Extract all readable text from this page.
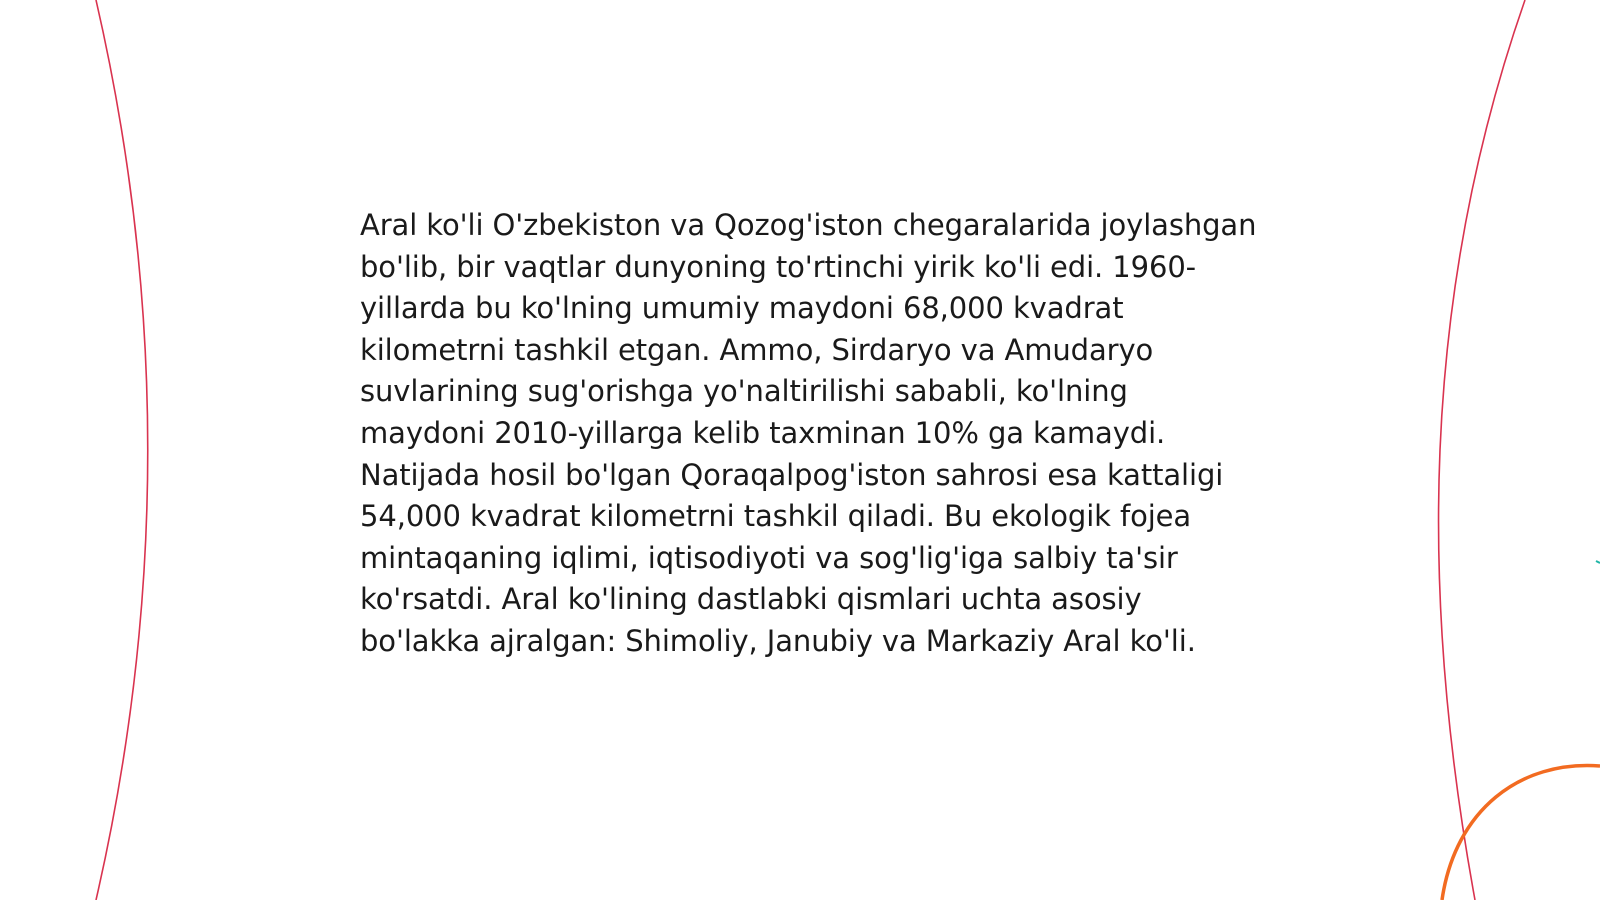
Aral ko'li O'zbekiston va Qozog'iston chegaralarida joylashgan bo'lib, bir vaqtlar dunyoning to'rtinchi yirik ko'li edi. 1960-yillarda bu ko'lning umumiy maydoni 68,000 kvadrat kilometrni tashkil etgan. Ammo, Sirdaryo va Amudaryo suvlarining sug'orishga yo'naltirilishi sababli, ko'lning maydoni 2010-yillarga kelib taxminan 10% ga kamaydi. Natijada hosil bo'lgan Qoraqalpog'iston sahrosi esa kattaligi 54,000 kvadrat kilometrni tashkil qiladi. Bu ekologik fojea mintaqaning iqlimi, iqtisodiyoti va sog'lig'iga salbiy ta'sir ko'rsatdi. Aral ko'lining dastlabki qismlari uchta asosiy bo'lakka ajralgan: Shimoliy, Janubiy va Markaziy Aral ko'li.
